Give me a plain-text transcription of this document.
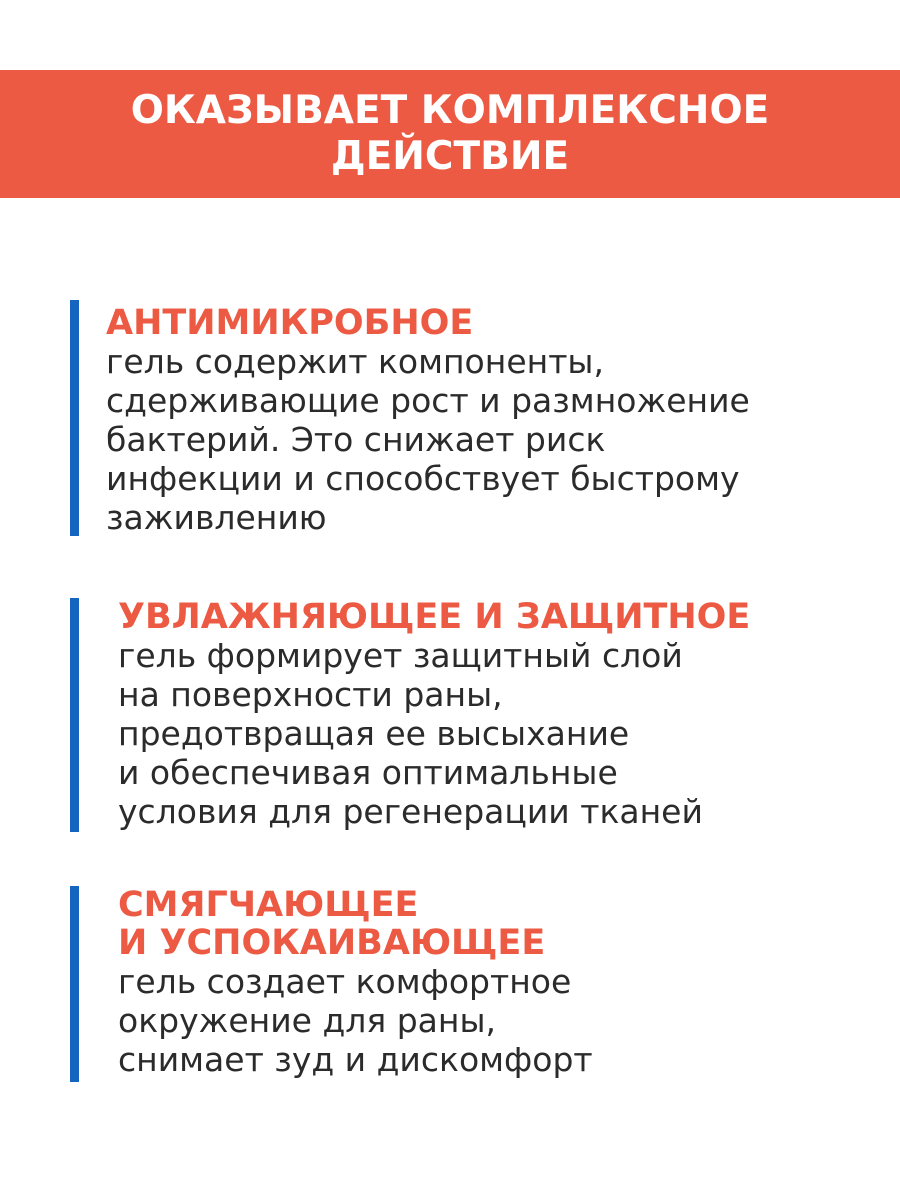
ОКАЗЫВАЕТ КОМПЛЕКСНОЕ
ДЕЙСТВИЕ
АНТИМИКРОБНОЕ
гель содержит компоненты,
сдерживающие рост и размножение
бактерий. Это снижает риск
инфекции и способствует быстрому
заживлению
УВЛАЖНЯЮЩЕЕ И ЗАЩИТНОЕ
гель формирует защитный слой
на поверхности раны,
предотвращая ее высыхание
и обеспечивая оптимальные
условия для регенерации тканей
СМЯГЧАЮЩЕЕ
И УСПОКАИВАЮЩЕЕ
гель создает комфортное
окружение для раны,
снимает зуд и дискомфорт
